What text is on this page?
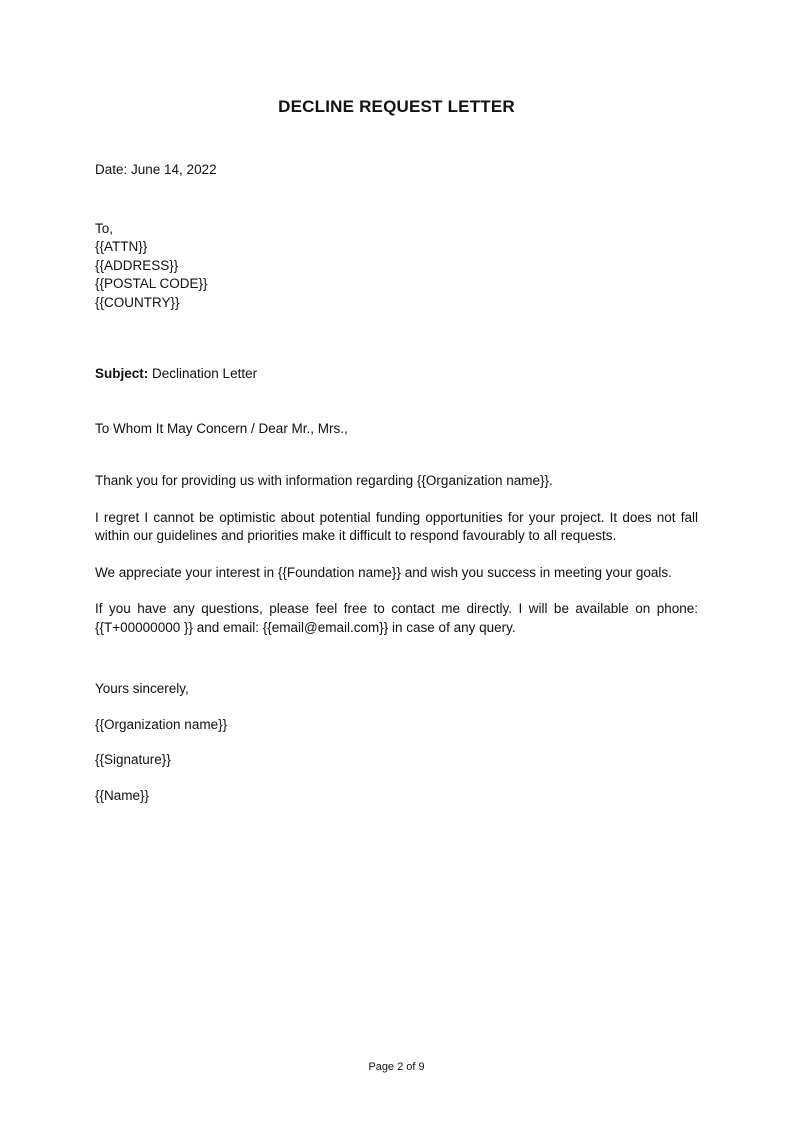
DECLINE REQUEST LETTER
Date: June 14, 2022
To,
{{ATTN}}
{{ADDRESS}}
{{POSTAL CODE}}
{{COUNTRY}}
Subject: Declination Letter
To Whom It May Concern / Dear Mr., Mrs.,

Thank you for providing us with information regarding {{Organization name}}.

I regret I cannot be optimistic about potential funding opportunities for your project. It does not fall within our guidelines and priorities make it difficult to respond favourably to all requests.

We appreciate your interest in {{Foundation name}} and wish you success in meeting your goals.

If you have any questions, please feel free to contact me directly. I will be available on phone: {{T+00000000 }} and email: {{email@email.com}} in case of any query.

Yours sincerely,
{{Organization name}}
{{Signature}}
{{Name}}
Page 2 of 9
